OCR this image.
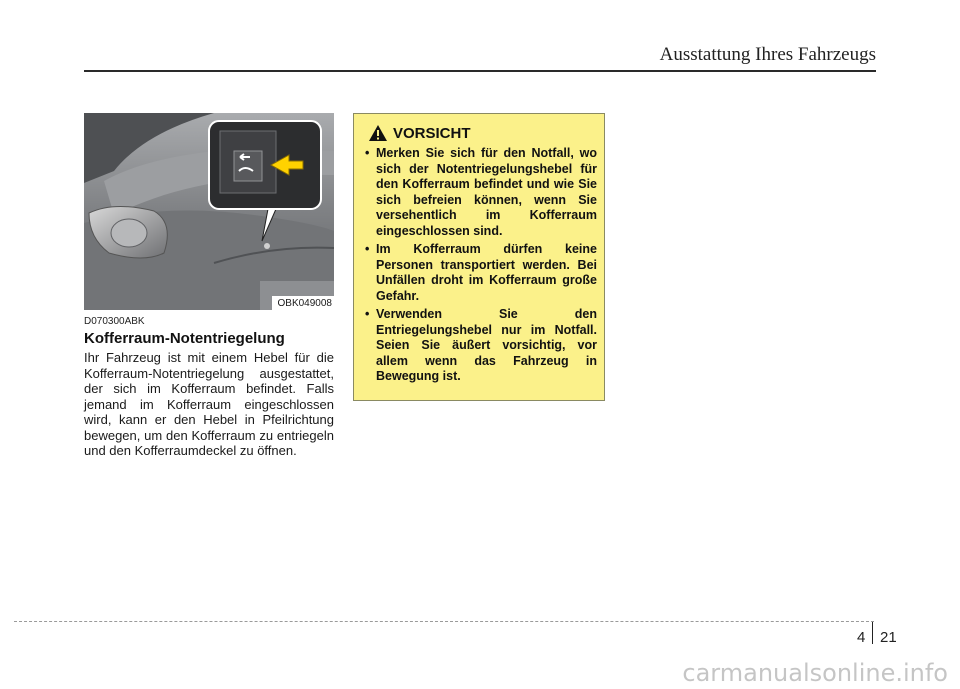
Ausstattung Ihres Fahrzeugs
OBK049008
D070300ABK
Kofferraum-Notentriegelung
Ihr Fahrzeug ist mit einem Hebel für die Kofferraum-Notentriegelung ausgestattet, der sich im Kofferraum befindet. Falls jemand im Kofferraum eingeschlossen wird, kann er den Hebel in Pfeilrichtung bewegen, um den Kofferraum zu entriegeln und den Kofferraumdeckel zu öffnen.
VORSICHT
• Merken Sie sich für den Notfall, wo sich der Notentriegelungshebel für den Kofferraum befindet und wie Sie sich befreien können, wenn Sie versehentlich im Kofferraum eingeschlossen sind.
• Im Kofferraum dürfen keine Personen transportiert werden. Bei Unfällen droht im Kofferraum große Gefahr.
• Verwenden Sie den Entriegelungshebel nur im Notfall. Seien Sie äußert vorsichtig, vor allem wenn das Fahrzeug in Bewegung ist.
4 21
carmanualsonline.info
